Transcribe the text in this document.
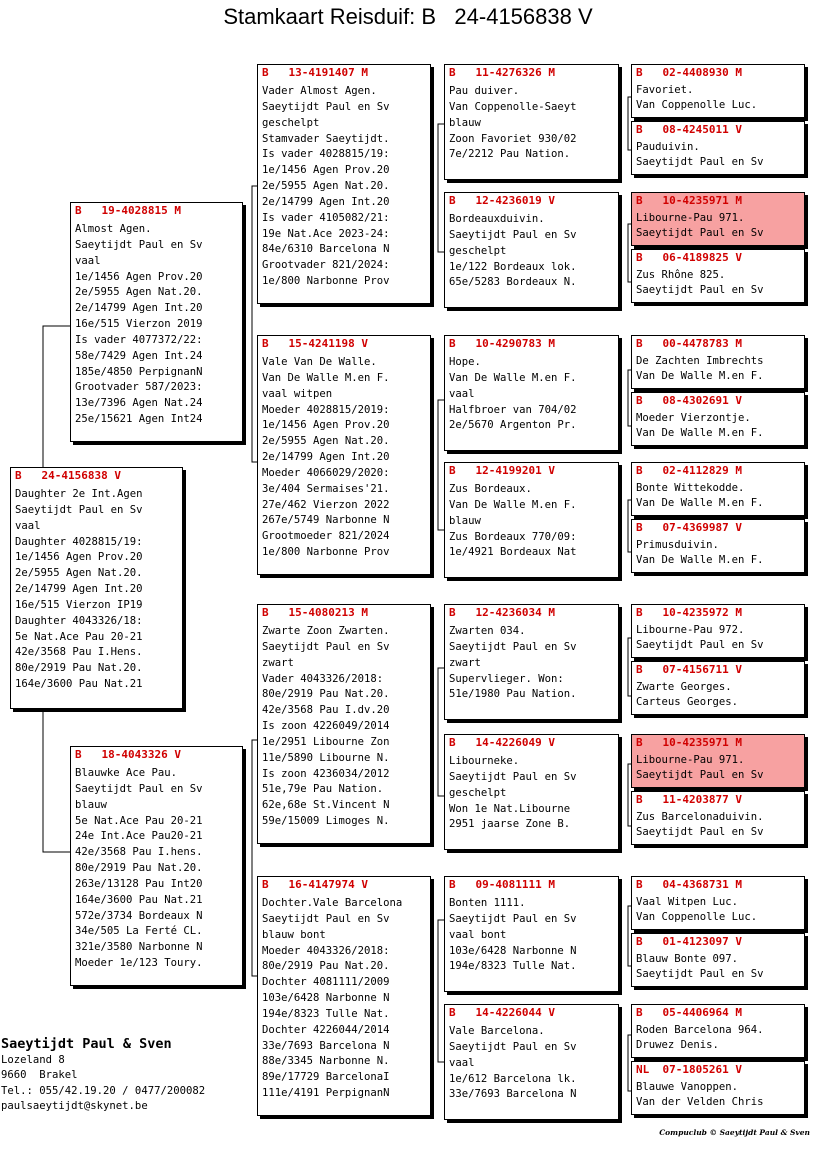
Stamkaart Reisduif: B   24-4156838 V
B   24-4156838 V
Daughter 2e Int.Agen
Saeytijdt Paul en Sv
vaal
Daughter 4028815/19:
1e/1456 Agen Prov.20
2e/5955 Agen Nat.20.
2e/14799 Agen Int.20
16e/515 Vierzon IP19
Daughter 4043326/18:
5e Nat.Ace Pau 20-21
42e/3568 Pau I.Hens.
80e/2919 Pau Nat.20.
164e/3600 Pau Nat.21
B   19-4028815 M
Almost Agen.
Saeytijdt Paul en Sv
vaal
1e/1456 Agen Prov.20
2e/5955 Agen Nat.20.
2e/14799 Agen Int.20
16e/515 Vierzon 2019
Is vader 4077372/22:
58e/7429 Agen Int.24
185e/4850 PerpignanN
Grootvader 587/2023:
13e/7396 Agen Nat.24
25e/15621 Agen Int24
B   18-4043326 V
Blauwke Ace Pau.
Saeytijdt Paul en Sv
blauw
5e Nat.Ace Pau 20-21
24e Int.Ace Pau20-21
42e/3568 Pau I.hens.
80e/2919 Pau Nat.20.
263e/13128 Pau Int20
164e/3600 Pau Nat.21
572e/3734 Bordeaux N
34e/505 La Ferté CL.
321e/3580 Narbonne N
Moeder 1e/123 Toury.
B   13-4191407 M
Vader Almost Agen.
Saeytijdt Paul en Sv
geschelpt
Stamvader Saeytijdt.
Is vader 4028815/19:
1e/1456 Agen Prov.20
2e/5955 Agen Nat.20.
2e/14799 Agen Int.20
Is vader 4105082/21:
19e Nat.Ace 2023-24:
84e/6310 Barcelona N
Grootvader 821/2024:
1e/800 Narbonne Prov
B   15-4241198 V
Vale Van De Walle.
Van De Walle M.en F.
vaal witpen
Moeder 4028815/2019:
1e/1456 Agen Prov.20
2e/5955 Agen Nat.20.
2e/14799 Agen Int.20
Moeder 4066029/2020:
3e/404 Sermaises'21.
27e/462 Vierzon 2022
267e/5749 Narbonne N
Grootmoeder 821/2024
1e/800 Narbonne Prov
B   15-4080213 M
Zwarte Zoon Zwarten.
Saeytijdt Paul en Sv
zwart
Vader 4043326/2018:
80e/2919 Pau Nat.20.
42e/3568 Pau I.dv.20
Is zoon 4226049/2014
1e/2951 Libourne Zon
11e/5890 Libourne N.
Is zoon 4236034/2012
51e,79e Pau Nation.
62e,68e St.Vincent N
59e/15009 Limoges N.
B   16-4147974 V
Dochter.Vale Barcelona
Saeytijdt Paul en Sv
blauw bont
Moeder 4043326/2018:
80e/2919 Pau Nat.20.
Dochter 4081111/2009
103e/6428 Narbonne N
194e/8323 Tulle Nat.
Dochter 4226044/2014
33e/7693 Barcelona N
88e/3345 Narbonne N.
89e/17729 BarcelonaI
111e/4191 PerpignanN
B   11-4276326 M
Pau duiver.
Van Coppenolle-Saeyt
blauw
Zoon Favoriet 930/02
7e/2212 Pau Nation.
B   12-4236019 V
Bordeauxduivin.
Saeytijdt Paul en Sv
geschelpt
1e/122 Bordeaux lok.
65e/5283 Bordeaux N.
B   10-4290783 M
Hope.
Van De Walle M.en F.
vaal
Halfbroer van 704/02
2e/5670 Argenton Pr.
B   12-4199201 V
Zus Bordeaux.
Van De Walle M.en F.
blauw
Zus Bordeaux 770/09:
1e/4921 Bordeaux Nat
B   12-4236034 M
Zwarten 034.
Saeytijdt Paul en Sv
zwart
Supervlieger. Won:
51e/1980 Pau Nation.
B   14-4226049 V
Libourneke.
Saeytijdt Paul en Sv
geschelpt
Won 1e Nat.Libourne
2951 jaarse Zone B.
B   09-4081111 M
Bonten 1111.
Saeytijdt Paul en Sv
vaal bont
103e/6428 Narbonne N
194e/8323 Tulle Nat.
B   14-4226044 V
Vale Barcelona.
Saeytijdt Paul en Sv
vaal
1e/612 Barcelona lk.
33e/7693 Barcelona N
B   02-4408930 M
Favoriet.
Van Coppenolle Luc.
B   08-4245011 V
Pauduivin.
Saeytijdt Paul en Sv
B   10-4235971 M
Libourne-Pau 971.
Saeytijdt Paul en Sv
B   06-4189825 V
Zus Rhône 825.
Saeytijdt Paul en Sv
B   00-4478783 M
De Zachten Imbrechts
Van De Walle M.en F.
B   08-4302691 V
Moeder Vierzontje.
Van De Walle M.en F.
B   02-4112829 M
Bonte Wittekodde.
Van De Walle M.en F.
B   07-4369987 V
Primusduivin.
Van De Walle M.en F.
B   10-4235972 M
Libourne-Pau 972.
Saeytijdt Paul en Sv
B   07-4156711 V
Zwarte Georges.
Carteus Georges.
B   10-4235971 M
Libourne-Pau 971.
Saeytijdt Paul en Sv
B   11-4203877 V
Zus Barcelonaduivin.
Saeytijdt Paul en Sv
B   04-4368731 M
Vaal Witpen Luc.
Van Coppenolle Luc.
B   01-4123097 V
Blauw Bonte 097.
Saeytijdt Paul en Sv
B   05-4406964 M
Roden Barcelona 964.
Druwez Denis.
NL  07-1805261 V
Blauwe Vanoppen.
Van der Velden Chris
Saeytijdt Paul & Sven
Lozeland 8
9660  Brakel
Tel.: 055/42.19.20 / 0477/200082
paulsaeytijdt@skynet.be
Compuclub © Saeytijdt Paul & Sven
